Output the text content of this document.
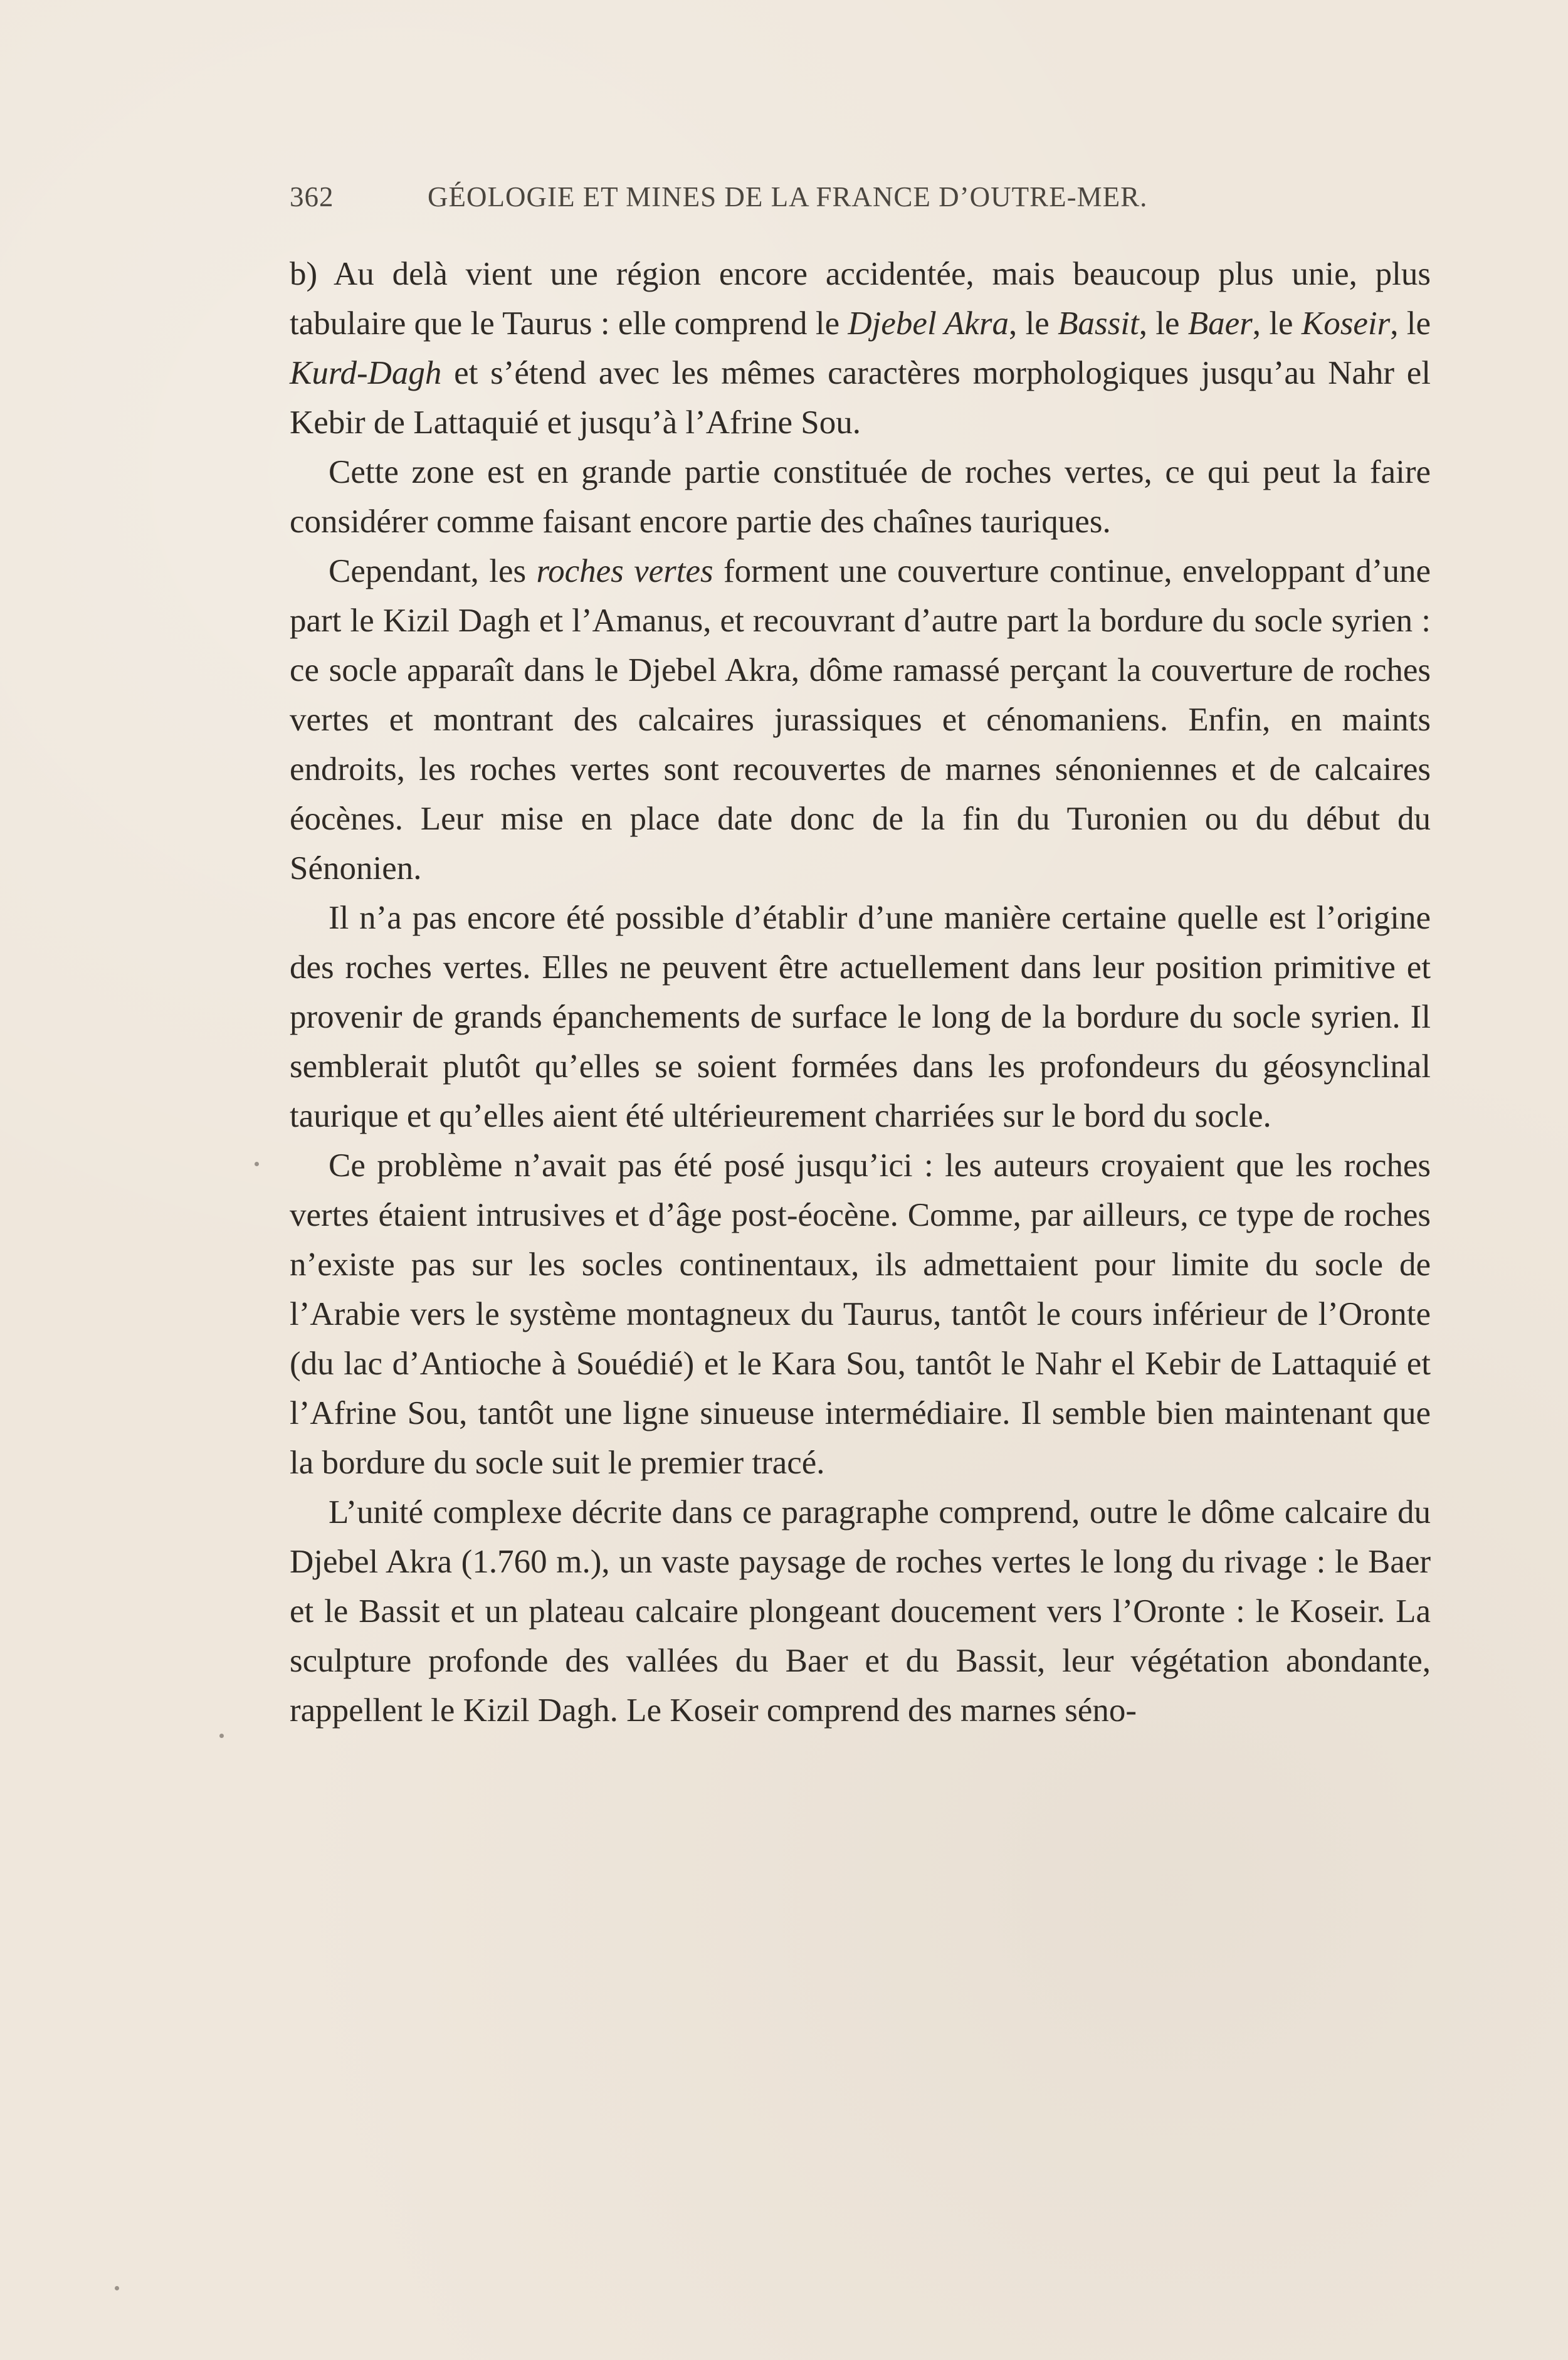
362	GÉOLOGIE ET MINES DE LA FRANCE D’OUTRE-MER.

b) Au delà vient une région encore accidentée, mais beaucoup plus unie, plus tabulaire que le Taurus : elle comprend le Djebel Akra, le Bassit, le Baer, le Koseir, le Kurd-Dagh et s’étend avec les mêmes caractères morphologiques jusqu’au Nahr el Kebir de Lattaquié et jusqu’à l’Afrine Sou.

Cette zone est en grande partie constituée de roches vertes, ce qui peut la faire considérer comme faisant encore partie des chaînes tauriques.

Cependant, les roches vertes forment une couverture continue, enveloppant d’une part le Kizil Dagh et l’Amanus, et recouvrant d’autre part la bordure du socle syrien : ce socle apparaît dans le Djebel Akra, dôme ramassé perçant la couverture de roches vertes et montrant des calcaires jurassiques et cénomaniens. Enfin, en maints endroits, les roches vertes sont recouvertes de marnes sénoniennes et de calcaires éocènes. Leur mise en place date donc de la fin du Turonien ou du début du Sénonien.

Il n’a pas encore été possible d’établir d’une manière certaine quelle est l’origine des roches vertes. Elles ne peuvent être actuellement dans leur position primitive et provenir de grands épanchements de surface le long de la bordure du socle syrien. Il semblerait plutôt qu’elles se soient formées dans les profondeurs du géosynclinal taurique et qu’elles aient été ultérieurement charriées sur le bord du socle.

Ce problème n’avait pas été posé jusqu’ici : les auteurs croyaient que les roches vertes étaient intrusives et d’âge post-éocène. Comme, par ailleurs, ce type de roches n’existe pas sur les socles continentaux, ils admettaient pour limite du socle de l’Arabie vers le système montagneux du Taurus, tantôt le cours inférieur de l’Oronte (du lac d’Antioche à Souédié) et le Kara Sou, tantôt le Nahr el Kebir de Lattaquié et l’Afrine Sou, tantôt une ligne sinueuse intermédiaire. Il semble bien maintenant que la bordure du socle suit le premier tracé.

L’unité complexe décrite dans ce paragraphe comprend, outre le dôme calcaire du Djebel Akra (1.760 m.), un vaste paysage de roches vertes le long du rivage : le Baer et le Bassit et un plateau calcaire plongeant doucement vers l’Oronte : le Koseir. La sculpture profonde des vallées du Baer et du Bassit, leur végétation abondante, rappellent le Kizil Dagh. Le Koseir comprend des marnes séno-
